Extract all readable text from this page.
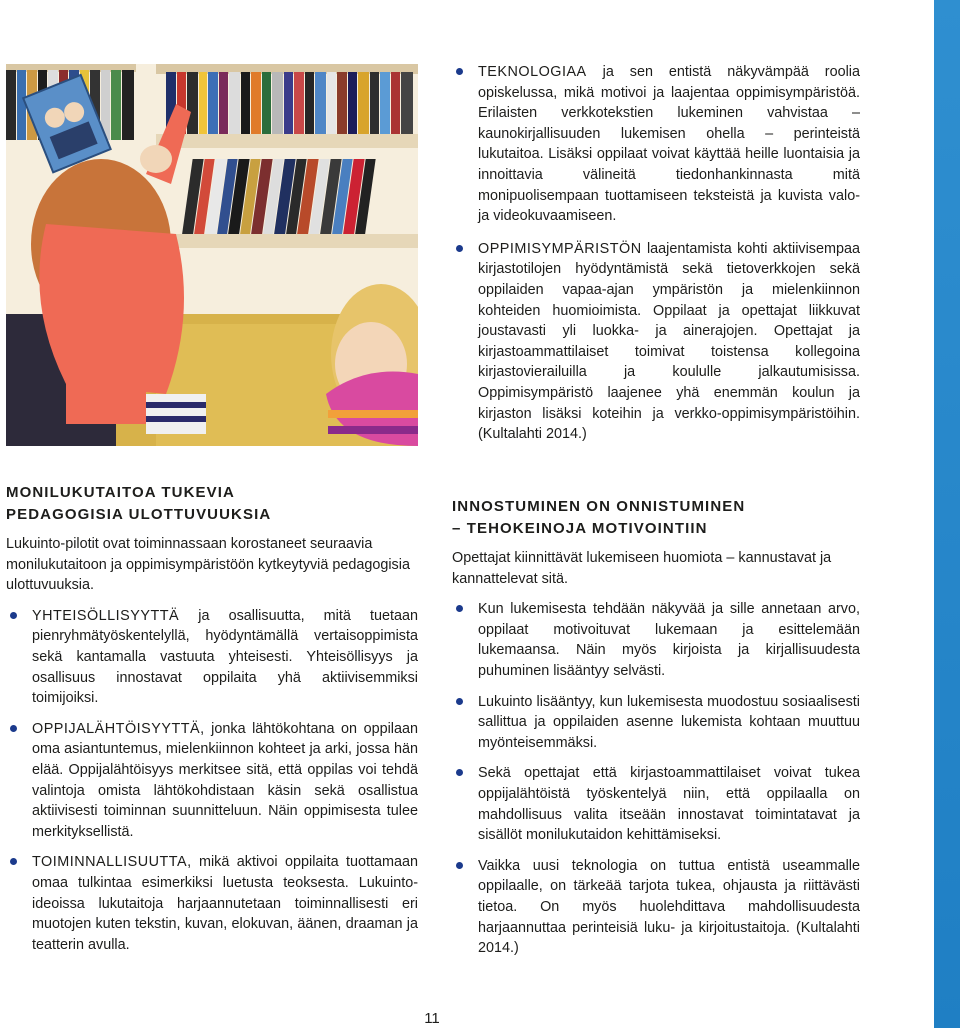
TEKNOLOGIAA ja sen entistä näkyvämpää roolia opiskelussa, mikä motivoi ja laajentaa oppimisympäristöä. Erilaisten verkkotekstien lukeminen vahvistaa – kaunokirjallisuuden lukemisen ohella – perinteistä lukutaitoa. Lisäksi oppilaat voivat käyttää heille luontaisia ja innoittavia välineitä tiedonhankinnasta mitä monipuolisempaan tuottamiseen teksteistä ja kuvista valo- ja videokuvaamiseen.
OPPIMISYMPÄRISTÖN laajentamista kohti aktiivisempaa kirjastotilojen hyödyntämistä sekä tietoverkkojen sekä oppilaiden vapaa-ajan ympäristön ja mielenkiinnon kohteiden huomioimista. Oppilaat ja opettajat liikkuvat joustavasti yli luokka- ja ainerajojen. Opettajat ja kirjastoammattilaiset toimivat toistensa kollegoina kirjastovierailuilla ja koululle jalkautumisissa. Oppimisympäristö laajenee yhä enemmän koulun ja kirjaston lisäksi koteihin ja verkko-oppimisympäristöihin. (Kultalahti 2014.)
MONILUKUTAITOA TUKEVIA
PEDAGOGISIA ULOTTUVUUKSIA

Lukuinto-pilotit ovat toiminnassaan korostaneet seuraavia monilukutaitoon ja oppimisympäristöön kytkeytyviä pedagogisia ulottuvuuksia.

YHTEISÖLLISYYTTÄ ja osallisuutta, mitä tuetaan pienryhmätyöskentelyllä, hyödyntämällä vertaisoppimista sekä kantamalla vastuuta yhteisesti. Yhteisöllisyys ja osallisuus innostavat oppilaita yhä aktiivisemmiksi toimijoiksi.
OPPIJALÄHTÖISYYTTÄ, jonka lähtökohtana on oppilaan oma asiantuntemus, mielenkiinnon kohteet ja arki, jossa hän elää. Oppijalähtöisyys merkitsee sitä, että oppilas voi tehdä valintoja omista lähtökohdistaan käsin sekä osallistua aktiivisesti toiminnan suunnitteluun. Näin oppimisesta tulee merkityksellistä.
TOIMINNALLISUUTTA, mikä aktivoi oppilaita tuottamaan omaa tulkintaa esimerkiksi luetusta teoksesta. Lukuinto-ideoissa lukutaitoja harjaannutetaan toiminnallisesti eri muotojen kuten tekstin, kuvan, elokuvan, äänen, draaman ja teatterin avulla.
INNOSTUMINEN ON ONNISTUMINEN
– TEHOKEINOJA MOTIVOINTIIN

Opettajat kiinnittävät lukemiseen huomiota – kannustavat ja kannattelevat sitä.

Kun lukemisesta tehdään näkyvää ja sille annetaan arvo, oppilaat motivoituvat lukemaan ja esittelemään lukemaansa. Näin myös kirjoista ja kirjallisuudesta puhuminen lisääntyy selvästi.
Lukuinto lisääntyy, kun lukemisesta muodostuu sosiaalisesti sallittua ja oppilaiden asenne lukemista kohtaan muuttuu myönteisemmäksi.
Sekä opettajat että kirjastoammattilaiset voivat tukea oppijalähtöistä työskentelyä niin, että oppilaalla on mahdollisuus valita itseään innostavat toimintatavat ja sisällöt monilukutaidon kehittämiseksi.
Vaikka uusi teknologia on tuttua entistä useammalle oppilaalle, on tärkeää tarjota tukea, ohjausta ja riittävästi tietoa. On myös huolehdittava mahdollisuudesta harjaannuttaa perinteisiä luku- ja kirjoitustaitoja. (Kultalahti 2014.)
11
